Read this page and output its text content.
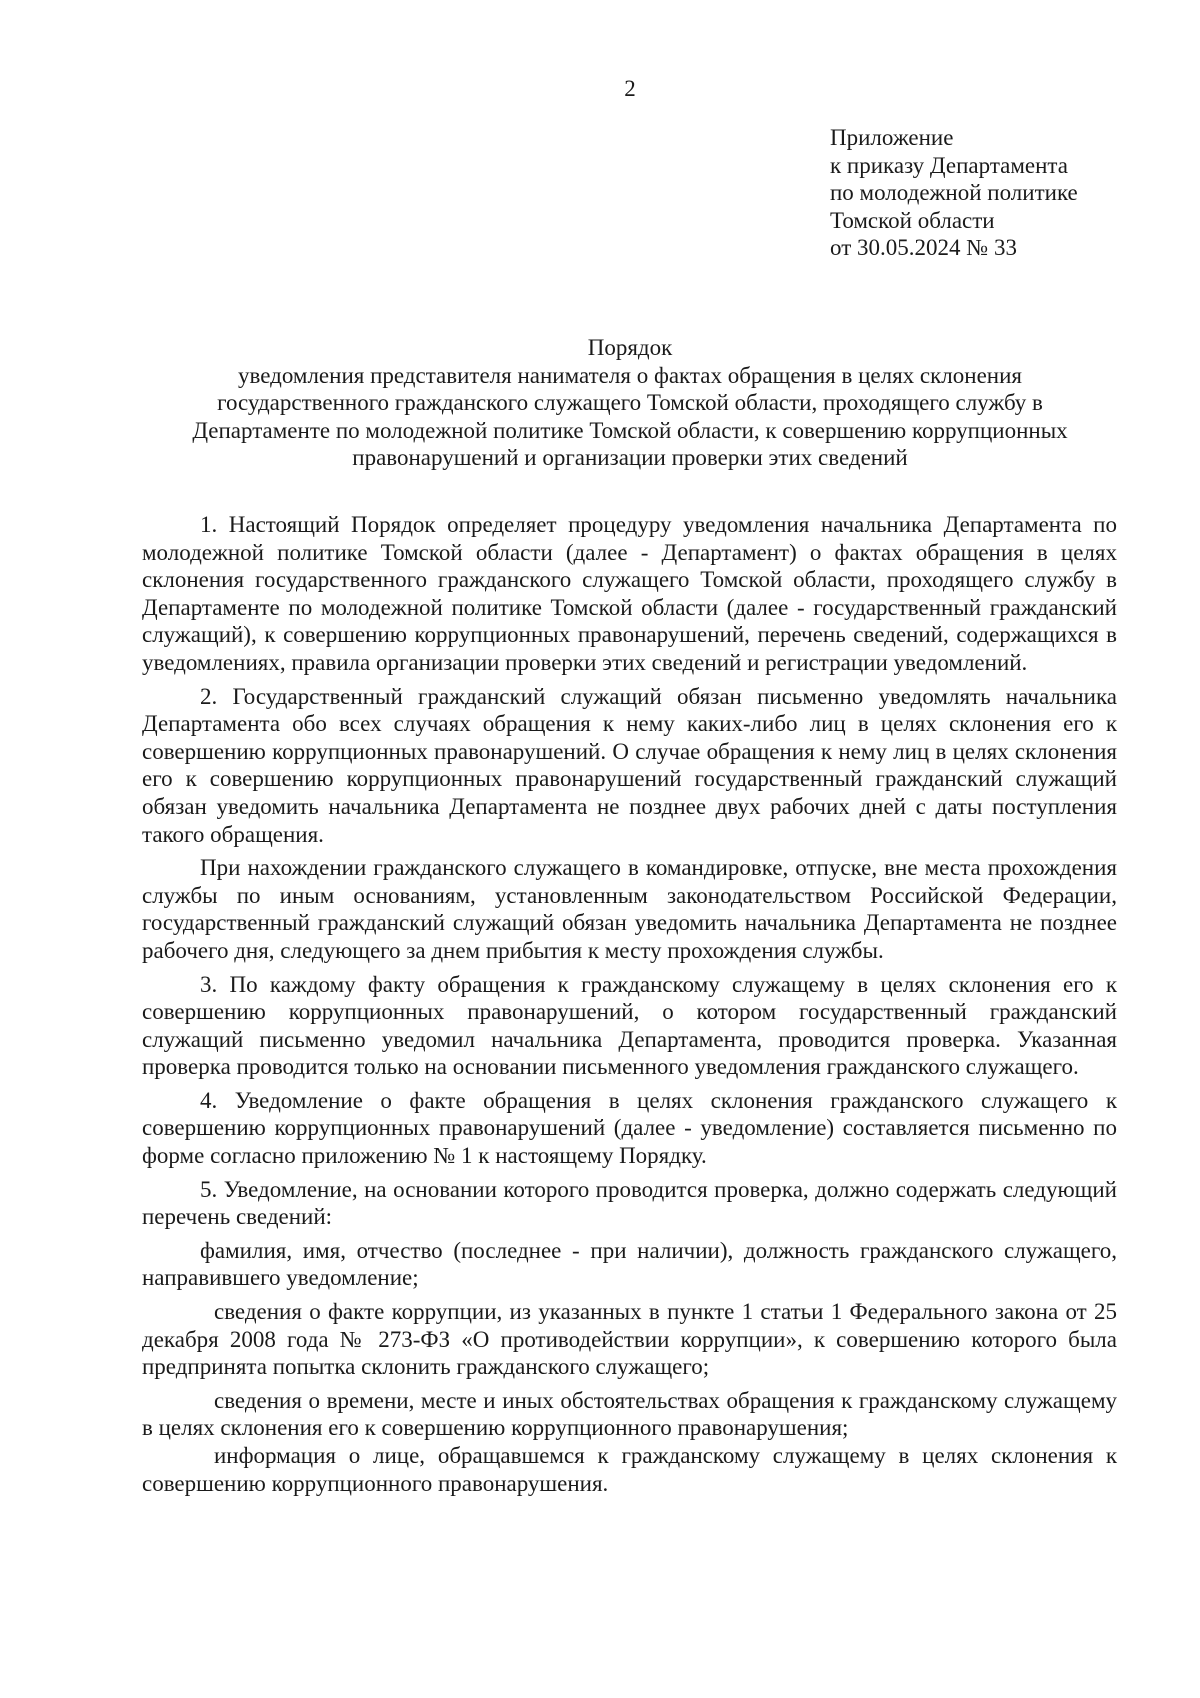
2
Приложение
к приказу Департамента
по молодежной политике
Томской области
от 30.05.2024 № 33
Порядок
уведомления представителя нанимателя о фактах обращения в целях склонения
государственного гражданского служащего Томской области, проходящего службу в
Департаменте по молодежной политике Томской области, к совершению коррупционных
правонарушений и организации проверки этих сведений

1. Настоящий Порядок определяет процедуру уведомления начальника Департамента по молодежной политике Томской области (далее - Департамент) о фактах обращения в целях склонения государственного гражданского служащего Томской области, проходящего службу в Департаменте по молодежной политике Томской области (далее - государственный гражданский служащий), к совершению коррупционных правонарушений, перечень сведений, содержащихся в уведомлениях, правила организации проверки этих сведений и регистрации уведомлений.

2. Государственный гражданский служащий обязан письменно уведомлять начальника Департамента обо всех случаях обращения к нему каких-либо лиц в целях склонения его к совершению коррупционных правонарушений. О случае обращения к нему лиц в целях склонения его к совершению коррупционных правонарушений государственный гражданский служащий обязан уведомить начальника Департамента не позднее двух рабочих дней с даты поступления такого обращения.

При нахождении гражданского служащего в командировке, отпуске, вне места прохождения службы по иным основаниям, установленным законодательством Российской Федерации, государственный гражданский служащий обязан уведомить начальника Департамента не позднее рабочего дня, следующего за днем прибытия к месту прохождения службы.

3. По каждому факту обращения к гражданскому служащему в целях склонения его к совершению коррупционных правонарушений, о котором государственный гражданский служащий письменно уведомил начальника Департамента, проводится проверка. Указанная проверка проводится только на основании письменного уведомления гражданского служащего.

4. Уведомление о факте обращения в целях склонения гражданского служащего к совершению коррупционных правонарушений (далее - уведомление) составляется письменно по форме согласно приложению № 1 к настоящему Порядку.

5. Уведомление, на основании которого проводится проверка, должно содержать следующий перечень сведений:

фамилия, имя, отчество (последнее - при наличии), должность гражданского служащего, направившего уведомление;

сведения о факте коррупции, из указанных в пункте 1 статьи 1 Федерального закона от 25 декабря 2008 года № 273-ФЗ «О противодействии коррупции», к совершению которого была предпринята попытка склонить гражданского служащего;

сведения о времени, месте и иных обстоятельствах обращения к гражданскому служащему в целях склонения его к совершению коррупционного правонарушения;

информация о лице, обращавшемся к гражданскому служащему в целях склонения к совершению коррупционного правонарушения.
